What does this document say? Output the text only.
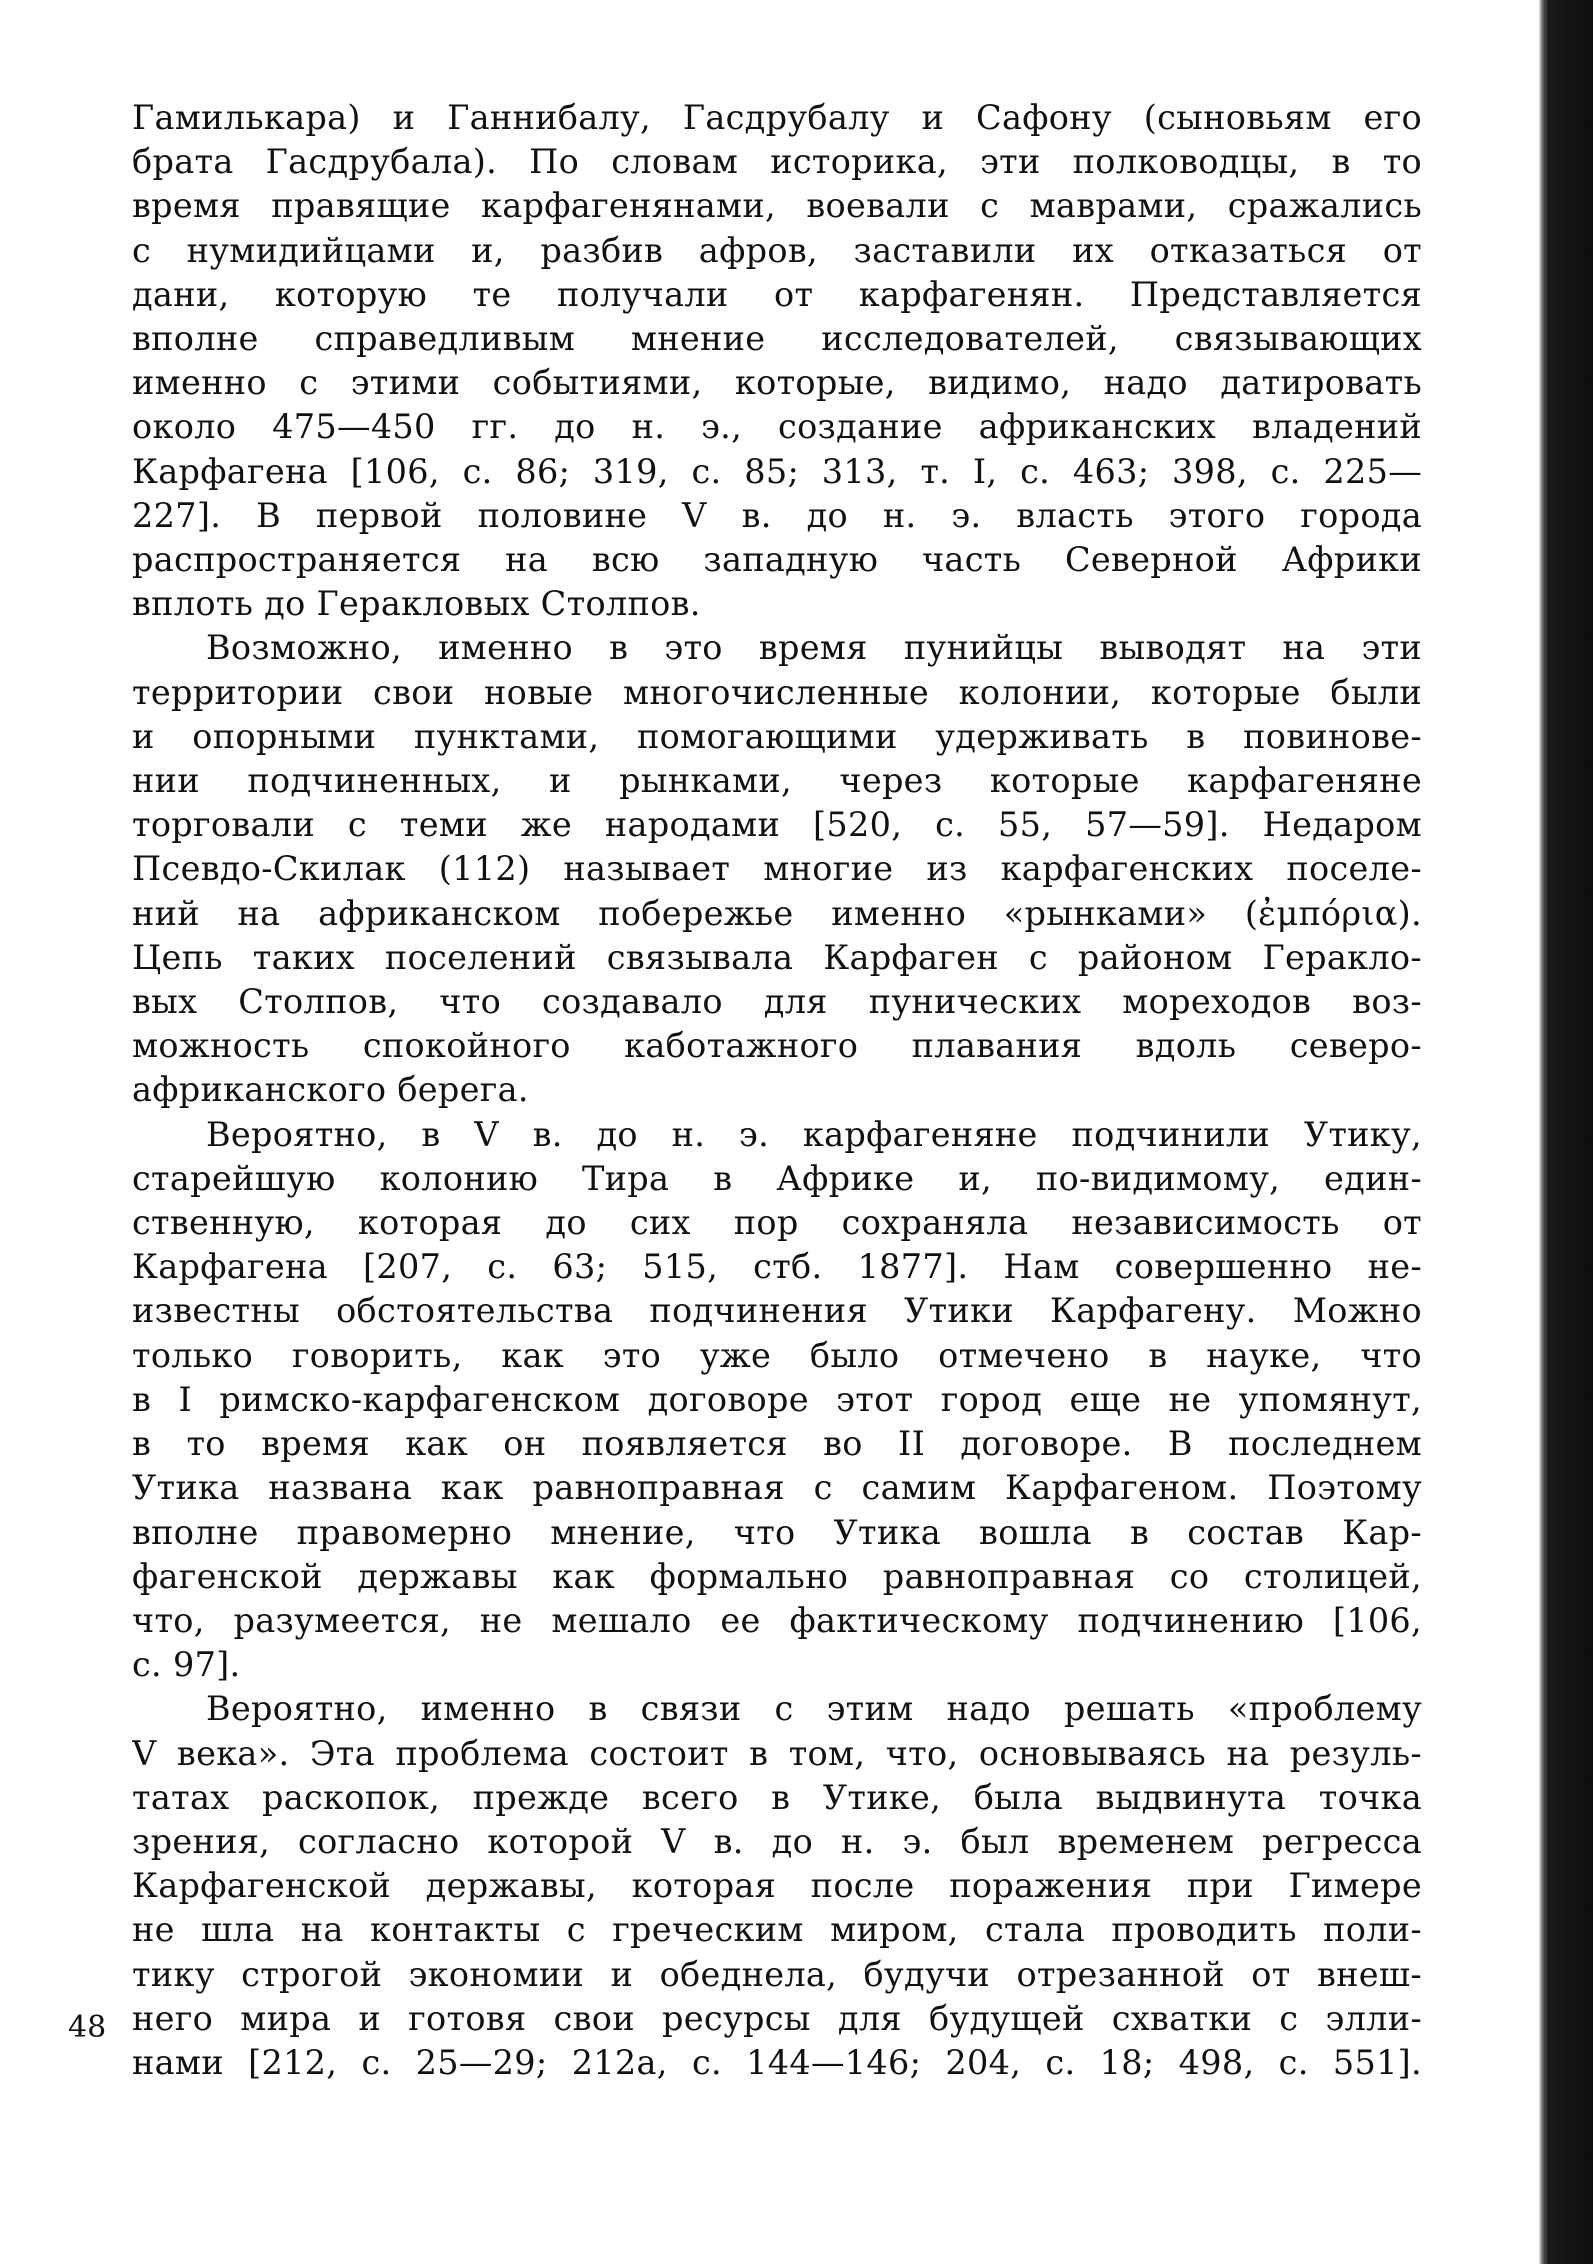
Гамилькара) и Ганнибалу, Гасдрубалу и Сафону (сыновьям его
брата Гасдрубала). По словам историка, эти полководцы, в то
время правящие карфагенянами, воевали с маврами, сражались
с нумидийцами и, разбив афров, заставили их отказаться от
дани, которую те получали от карфагенян. Представляется
вполне справедливым мнение исследователей, связывающих
именно с этими событиями, которые, видимо, надо датировать
около 475—450 гг. до н. э., создание африканских владений
Карфагена [106, с. 86; 319, с. 85; 313, т. I, с. 463; 398, с. 225—
227]. В первой половине V в. до н. э. власть этого города
распространяется на всю западную часть Северной Африки
вплоть до Геракловых Столпов.
Возможно, именно в это время пунийцы выводят на эти
территории свои новые многочисленные колонии, которые были
и опорными пунктами, помогающими удерживать в повинове-
нии подчиненных, и рынками, через которые карфагеняне
торговали с теми же народами [520, с. 55, 57—59]. Недаром
Псевдо-Скилак (112) называет многие из карфагенских поселе-
ний на африканском побережье именно «рынками» (ἐμπόρια).
Цепь таких поселений связывала Карфаген с районом Геракло-
вых Столпов, что создавало для пунических мореходов воз-
можность спокойного каботажного плавания вдоль северо-
африканского берега.
Вероятно, в V в. до н. э. карфагеняне подчинили Утику,
старейшую колонию Тира в Африке и, по-видимому, един-
ственную, которая до сих пор сохраняла независимость от
Карфагена [207, с. 63; 515, стб. 1877]. Нам совершенно не-
известны обстоятельства подчинения Утики Карфагену. Можно
только говорить, как это уже было отмечено в науке, что
в I римско-карфагенском договоре этот город еще не упомянут,
в то время как он появляется во II договоре. В последнем
Утика названа как равноправная с самим Карфагеном. Поэтому
вполне правомерно мнение, что Утика вошла в состав Кар-
фагенской державы как формально равноправная со столицей,
что, разумеется, не мешало ее фактическому подчинению [106,
с. 97].
Вероятно, именно в связи с этим надо решать «проблему
V века». Эта проблема состоит в том, что, основываясь на резуль-
татах раскопок, прежде всего в Утике, была выдвинута точка
зрения, согласно которой V в. до н. э. был временем регресса
Карфагенской державы, которая после поражения при Гимере
не шла на контакты с греческим миром, стала проводить поли-
тику строгой экономии и обеднела, будучи отрезанной от внеш-
него мира и готовя свои ресурсы для будущей схватки с элли-
нами [212, с. 25—29; 212а, с. 144—146; 204, с. 18; 498, с. 551].
48
